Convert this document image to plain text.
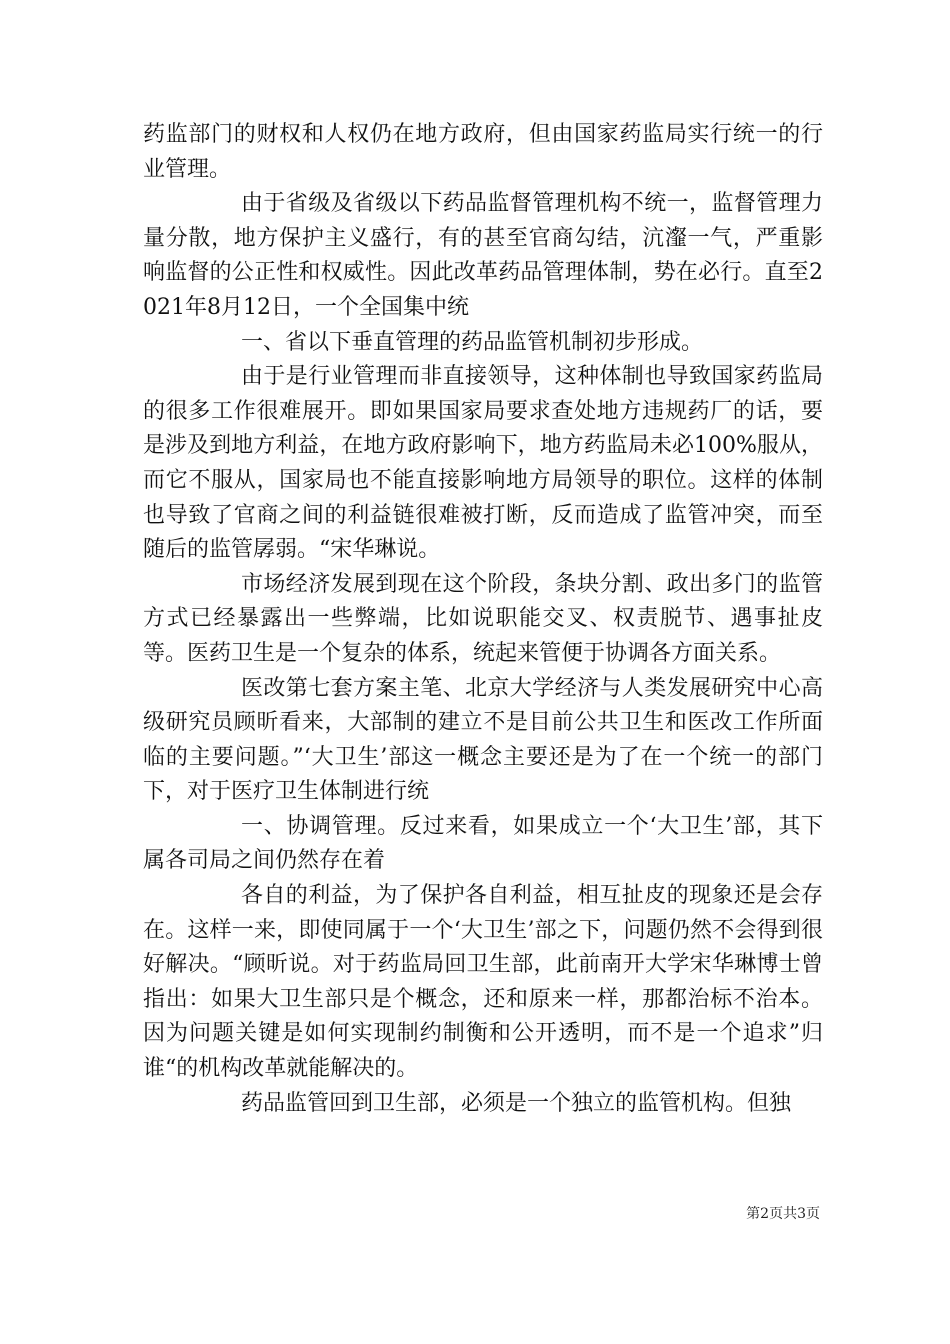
药监部门的财权和人权仍在地方政府，但由国家药监局实行统一的行业管理。

由于省级及省级以下药品监督管理机构不统一，监督管理力量分散，地方保护主义盛行，有的甚至官商勾结，沆瀣一气，严重影响监督的公正性和权威性。因此改革药品管理体制，势在必行。直至2021年8月12日，一个全国集中统

一、省以下垂直管理的药品监管机制初步形成。

由于是行业管理而非直接领导，这种体制也导致国家药监局的很多工作很难展开。即如果国家局要求查处地方违规药厂的话，要是涉及到地方利益，在地方政府影响下，地方药监局未必100%服从，而它不服从，国家局也不能直接影响地方局领导的职位。这样的体制也导致了官商之间的利益链很难被打断，反而造成了监管冲突，而至随后的监管孱弱。“宋华琳说。

市场经济发展到现在这个阶段，条块分割、政出多门的监管方式已经暴露出一些弊端，比如说职能交叉、权责脱节、遇事扯皮等。医药卫生是一个复杂的体系，统起来管便于协调各方面关系。

医改第七套方案主笔、北京大学经济与人类发展研究中心高级研究员顾昕看来，大部制的建立不是目前公共卫生和医改工作所面临的主要问题。”‘大卫生’部这一概念主要还是为了在一个统一的部门下，对于医疗卫生体制进行统

一、协调管理。反过来看，如果成立一个‘大卫生’部，其下属各司局之间仍然存在着

各自的利益，为了保护各自利益，相互扯皮的现象还是会存在。这样一来，即使同属于一个‘大卫生’部之下，问题仍然不会得到很好解决。“顾昕说。对于药监局回卫生部，此前南开大学宋华琳博士曾指出：如果大卫生部只是个概念，还和原来一样，那都治标不治本。因为问题关键是如何实现制约制衡和公开透明，而不是一个追求”归谁“的机构改革就能解决的。

药品监管回到卫生部，必须是一个独立的监管机构。但独

第2页共3页
